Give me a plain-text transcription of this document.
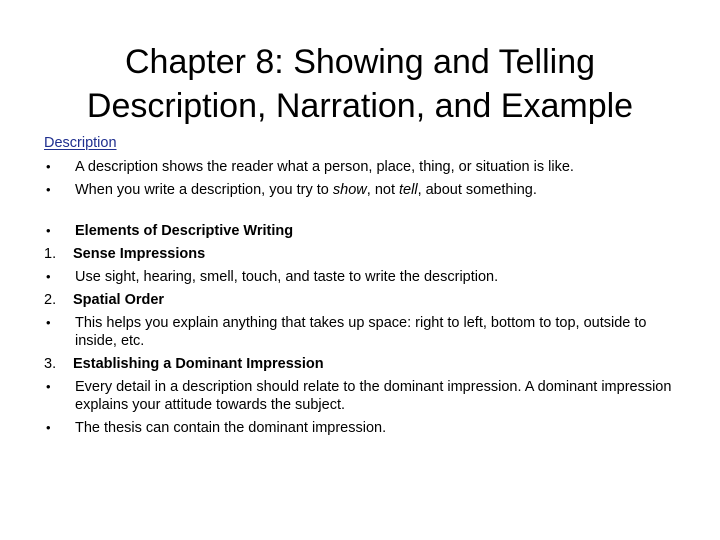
Chapter 8: Showing and Telling
Description, Narration, and Example
Description
•	A description shows the reader what a person, place, thing, or situation is like.
•	When you write a description, you try to show, not tell, about something.
•	Elements of Descriptive Writing
1.	Sense Impressions
•	Use sight, hearing, smell, touch, and taste to write the description.
2.	Spatial Order
•	This helps you explain anything that takes up space: right to left, bottom to top, outside to inside, etc.
3.	Establishing a Dominant Impression
•	Every detail in a description should relate to the dominant impression. A dominant impression explains your attitude towards the subject.
•	The thesis can contain the dominant impression.
